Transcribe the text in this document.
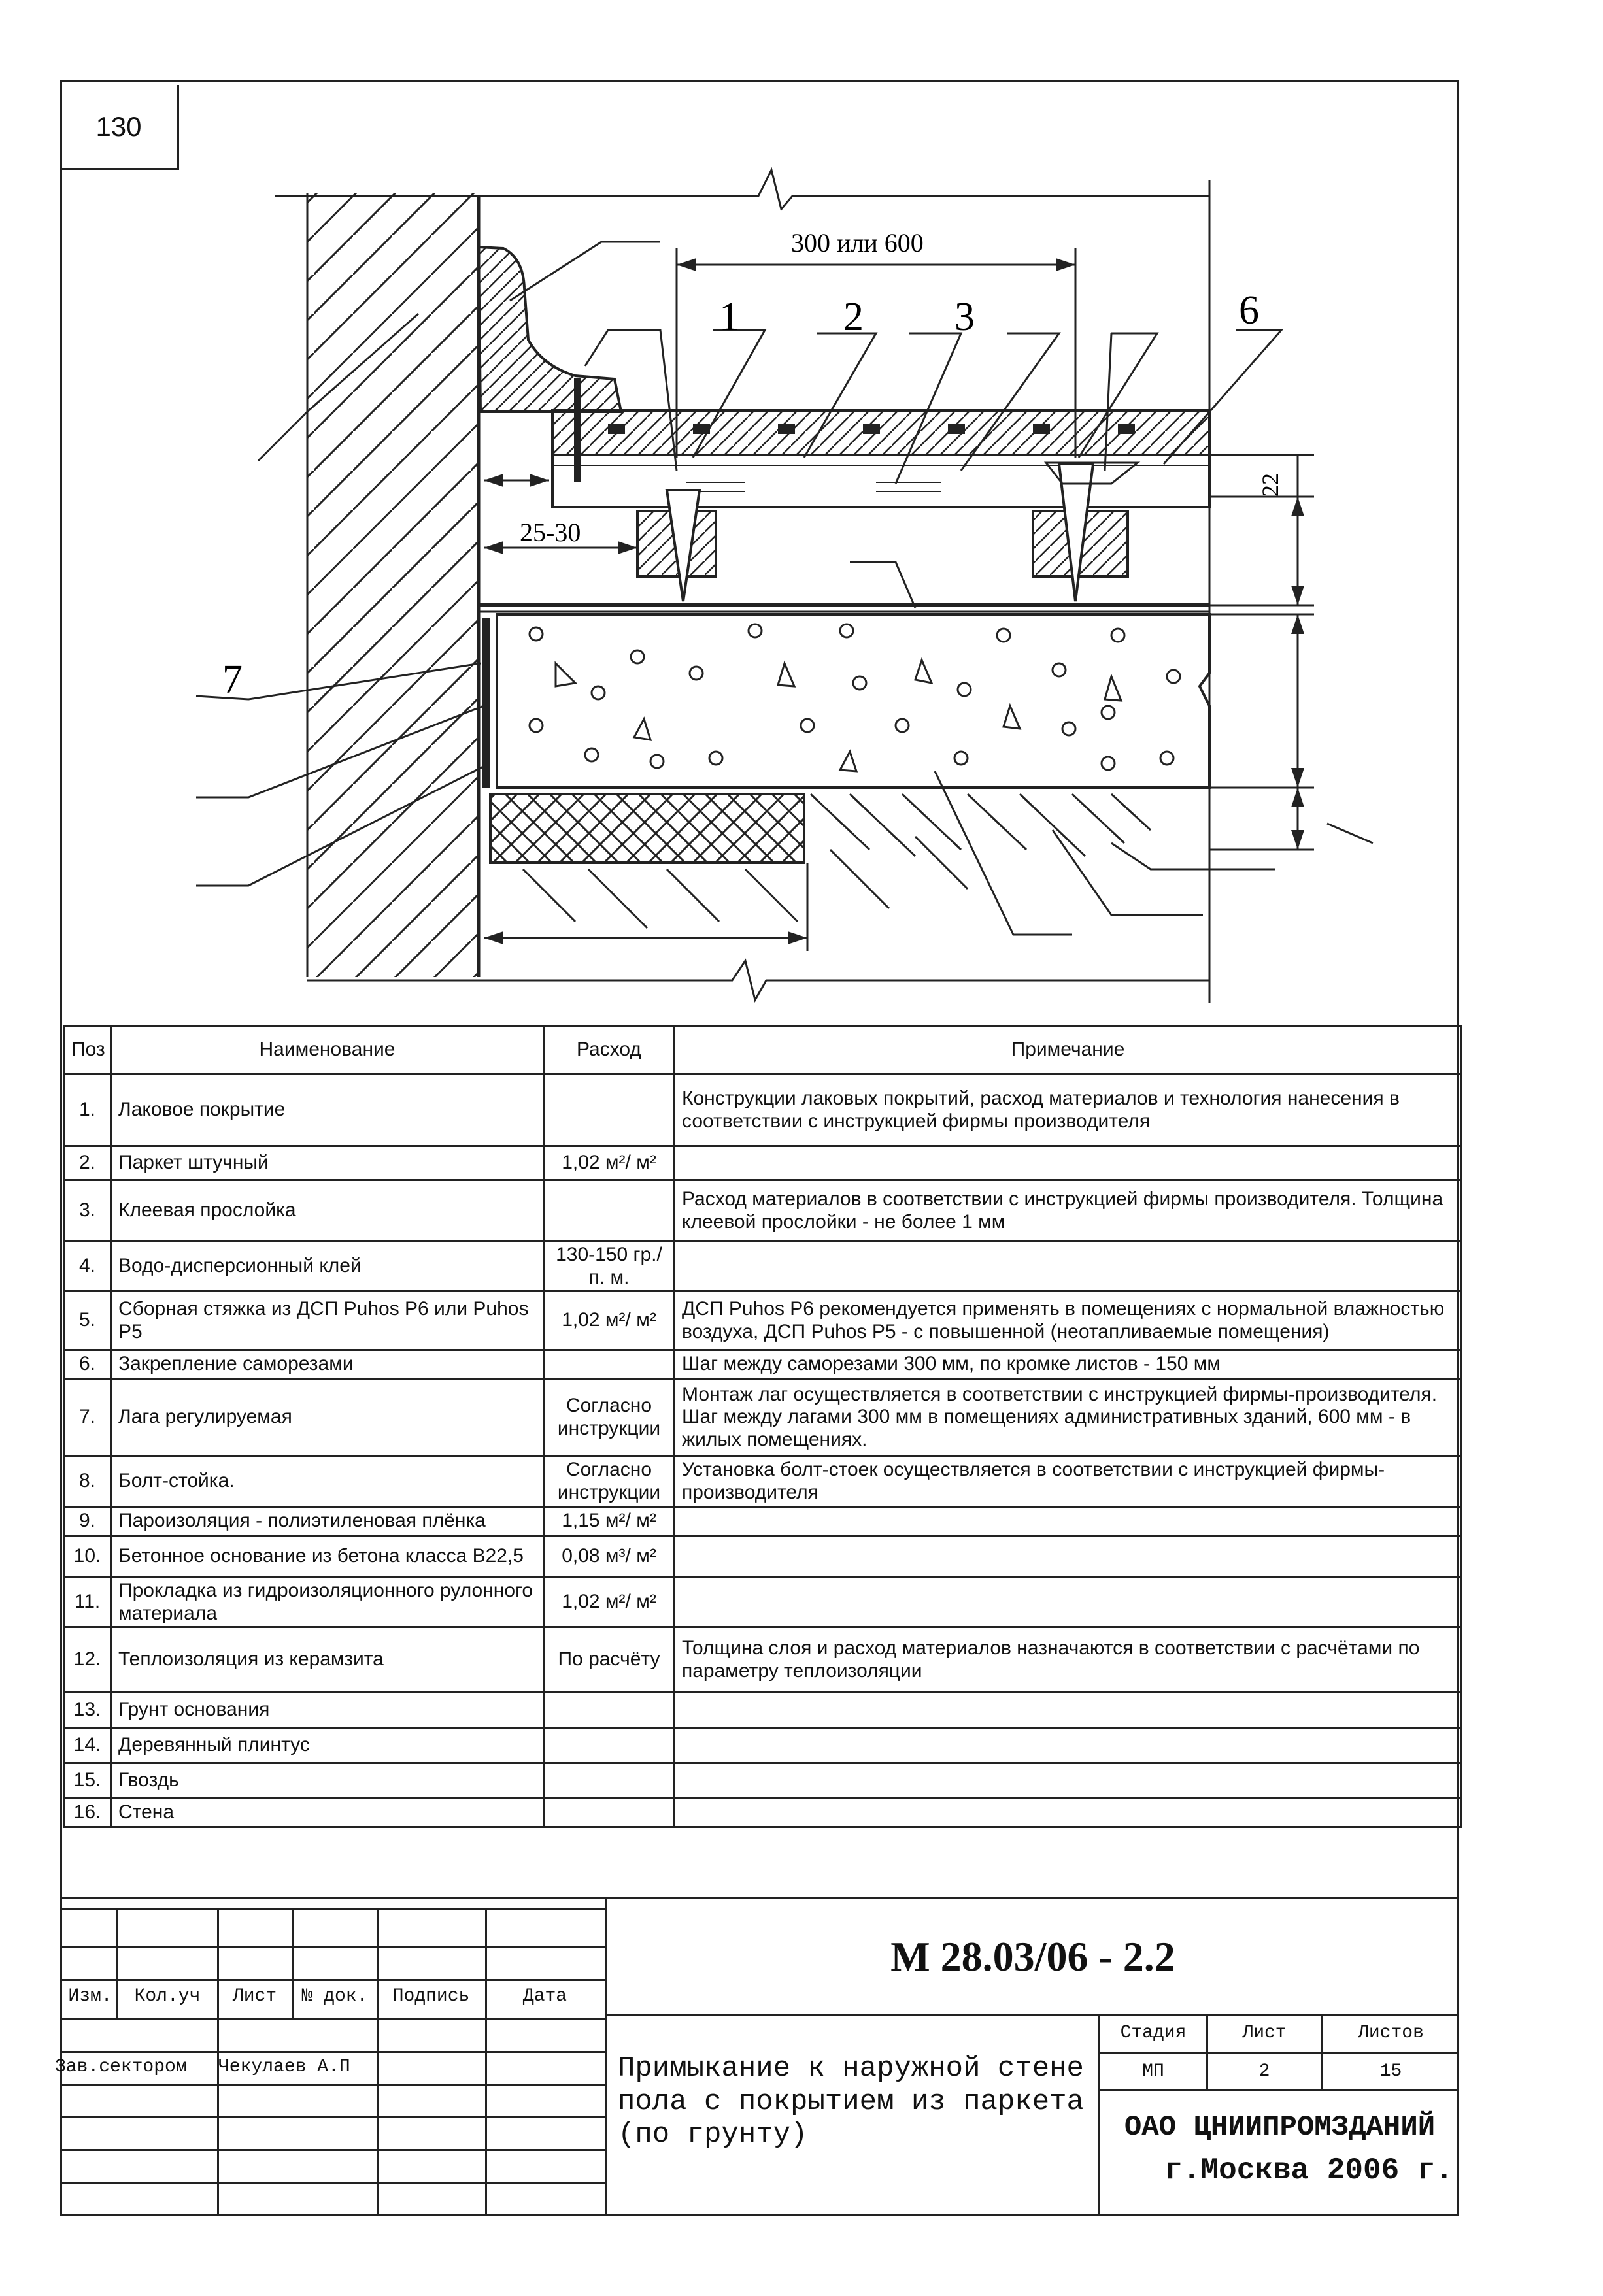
130
300 или 600
25-30
22
1	2 3	6
7
Поз	Наименование	Расход	Примечание
1.	Лаковое покрытие		Конструкции лаковых покрытий, расход материалов и технология нанесения в соответствии с инструкцией фирмы производителя
2.	Паркет штучный	1,02 м²/ м²	
3.	Клеевая прослойка		Расход материалов в соответствии с инструкцией фирмы производителя. Толщина клеевой прослойки - не более 1 мм
4.	Водо-дисперсионный клей	130-150 гр./п. м.	
5.	Сборная стяжка из ДСП Puhos P6 или Puhos P5	1,02 м²/ м²	ДСП Puhos P6 рекомендуется применять в помещениях с нормальной влажностью воздуха, ДСП Puhos P5 - с повышенной (неотапливаемые помещения)
6.	Закрепление саморезами		Шаг между саморезами 300 мм, по кромке листов - 150 мм
7.	Лага регулируемая	Согласно инструкции	Монтаж лаг осуществляется в соответствии с инструкцией фирмы-производителя. Шаг между лагами 300 мм в помещениях административных зданий, 600 мм - в жилых помещениях.
8.	Болт-стойка.	Согласно инструкции	Установка болт-стоек осуществляется в соответствии с инструкцией фирмы-производителя
9.	Пароизоляция - полиэтиленовая плёнка	1,15 м²/ м²	
10.	Бетонное основание из бетона класса B22,5	0,08 м³/ м²	
11.	Прокладка из гидроизоляционного рулонного материала	1,02 м²/ м²	
12.	Теплоизоляция из керамзита	По расчёту	Толщина слоя и расход материалов назначаются в соответствии с расчётами по параметру теплоизоляции
13.	Грунт основания		
14.	Деревянный плинтус		
15.	Гвоздь		
16.	Стена		
Изм.	Кол.уч	Лист	№ док.	Подпись	Дата
Зав.сектором	Чекулаев А.П
М 28.03/06 - 2.2
Примыкание к наружной стене пола с покрытием из паркета (по грунту)
Стадия	Лист	Листов
МП	2	15
ОАО ЦНИИПРОМЗДАНИЙ
г.Москва 2006 г.
